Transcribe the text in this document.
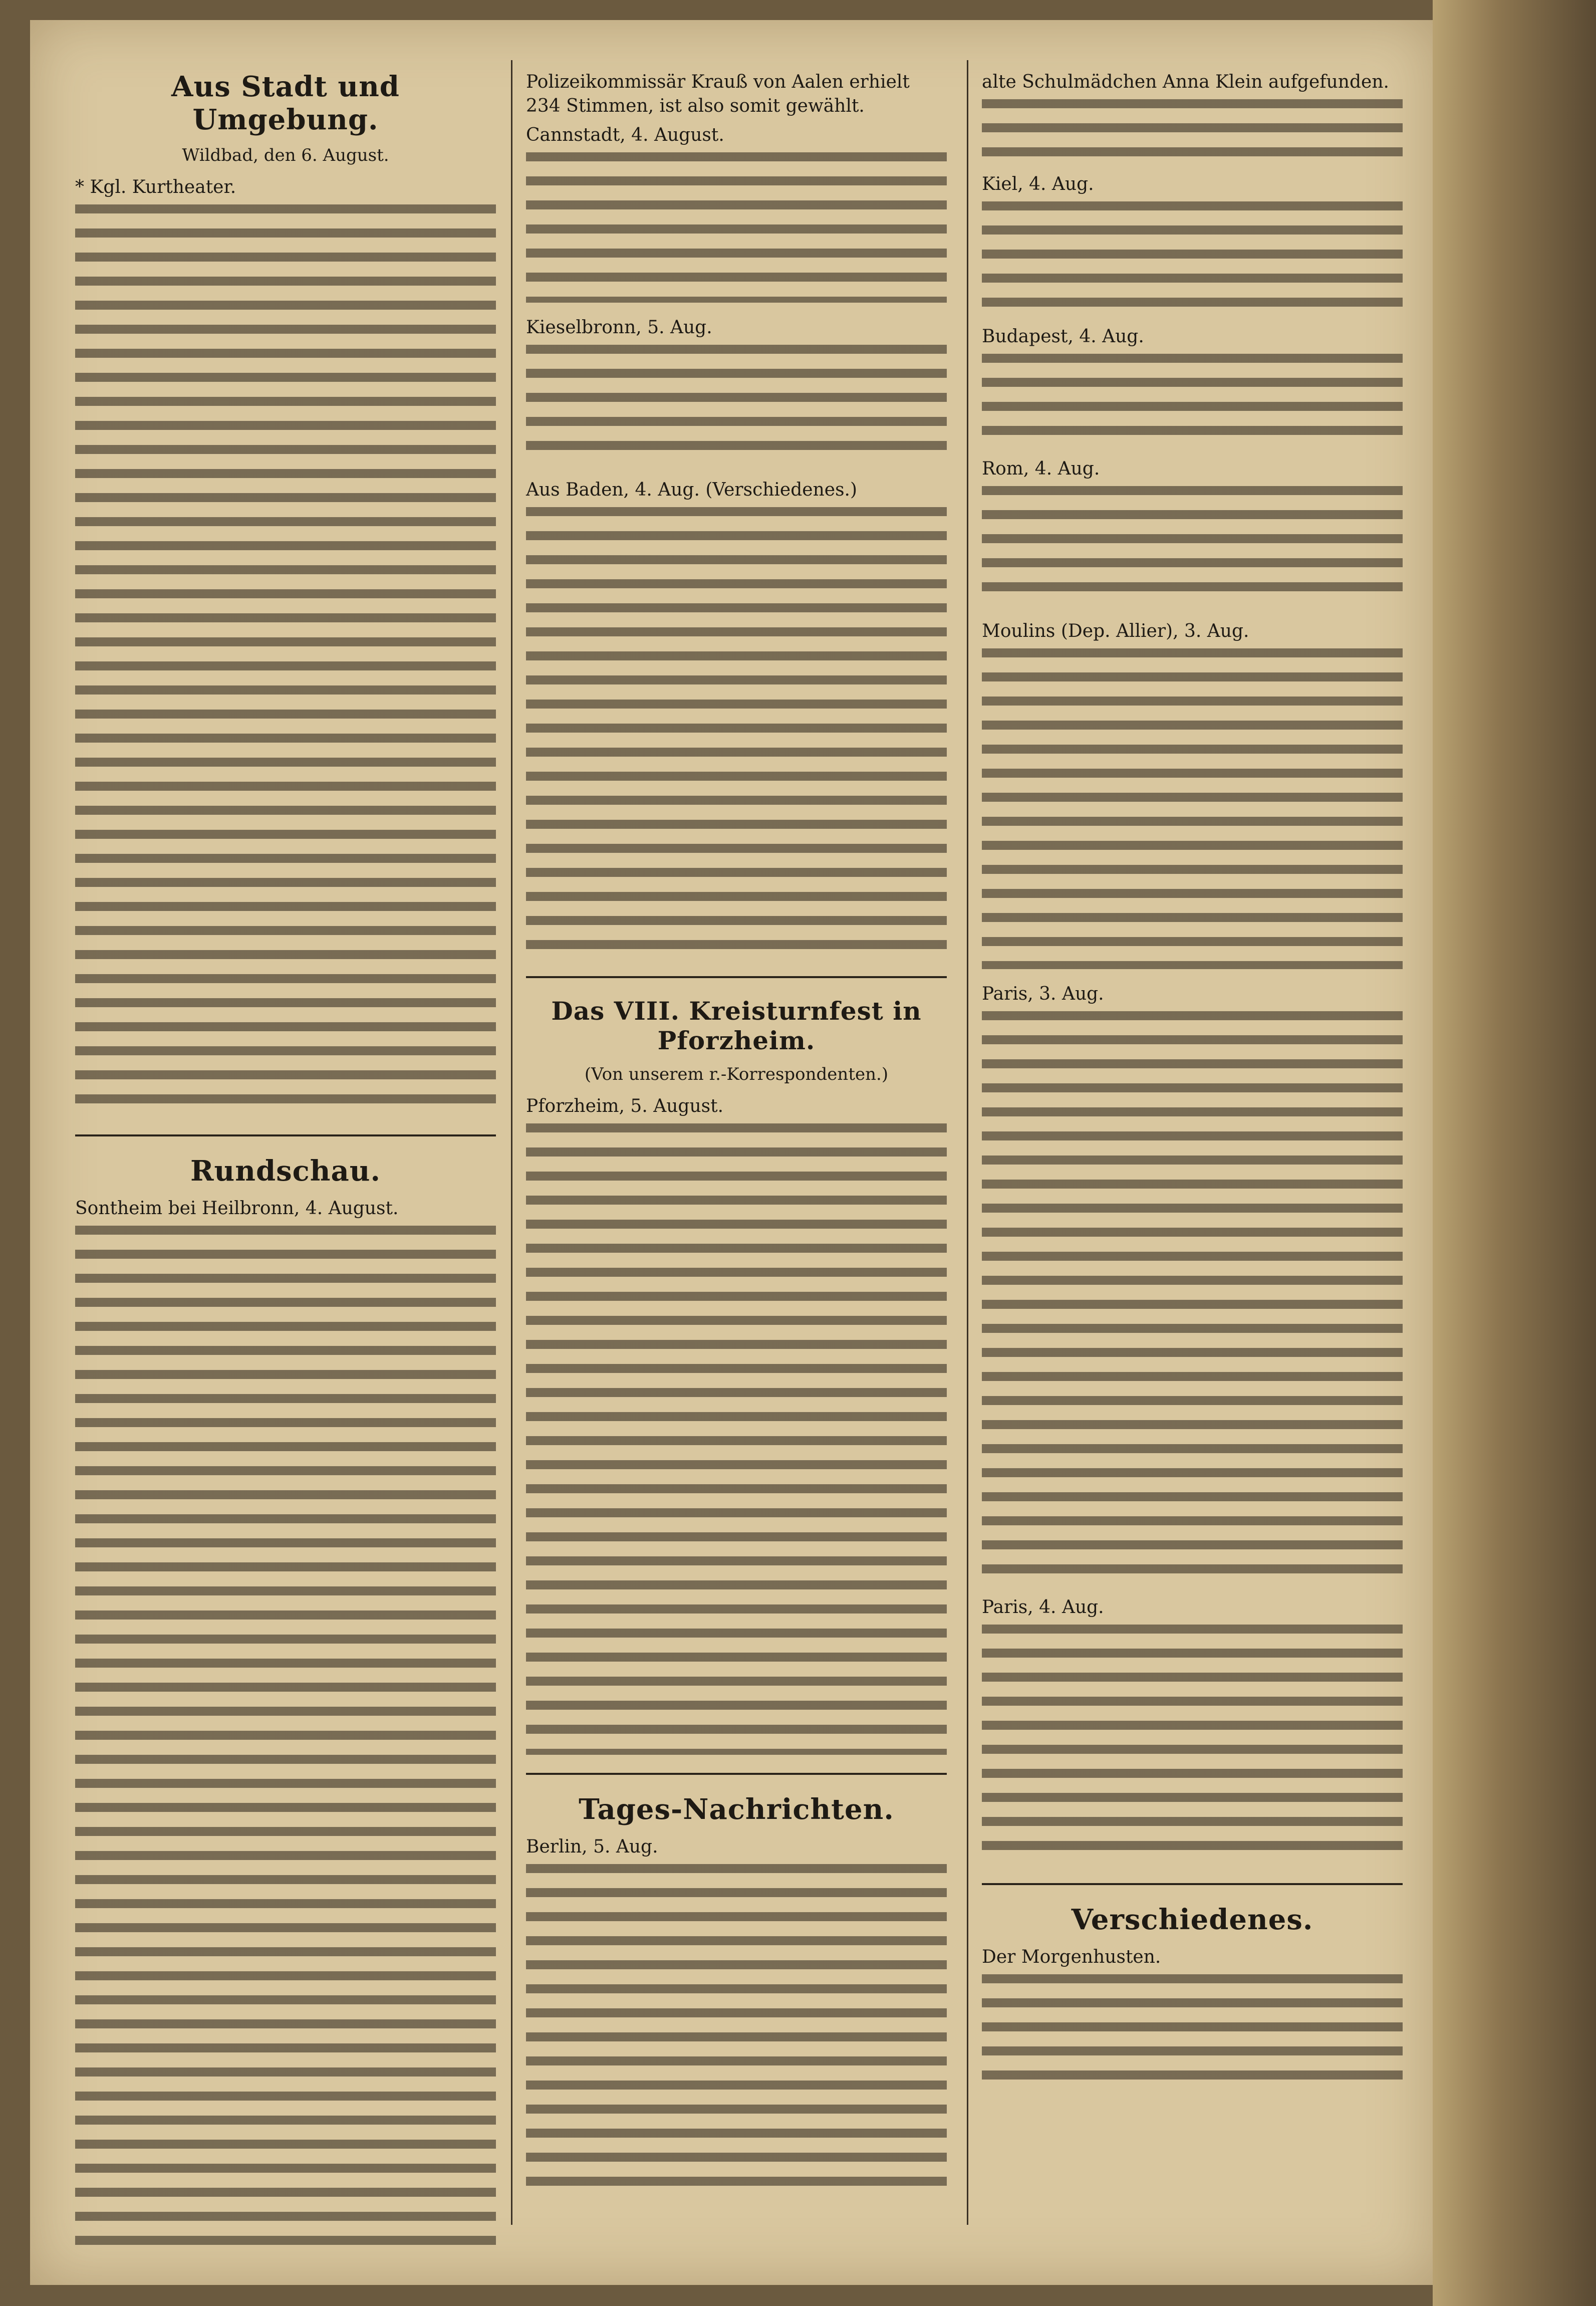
Aus Stadt und Umgebung.
Wildbad, den 6. August.
* Kgl. Kurtheater.
Rundschau.
Sontheim bei Heilbronn, 4. August.
Polizeikommissär Krauß von Aalen erhielt 234 Stimmen, ist also somit gewählt.
Cannstadt, 4. August.
Kieselbronn, 5. Aug.
Aus Baden, 4. Aug. (Verschiedenes.)
Das VIII. Kreisturnfest in Pforzheim.
(Von unserem r.-Korrespondenten.)
Pforzheim, 5. August.
Tages-Nachrichten.
Berlin, 5. Aug.
alte Schulmädchen Anna Klein aufgefunden.
Kiel, 4. Aug.
Budapest, 4. Aug.
Rom, 4. Aug.
Moulins (Dep. Allier), 3. Aug.
Paris, 3. Aug.
Paris, 4. Aug.
Verschiedenes.
Der Morgenhusten.
